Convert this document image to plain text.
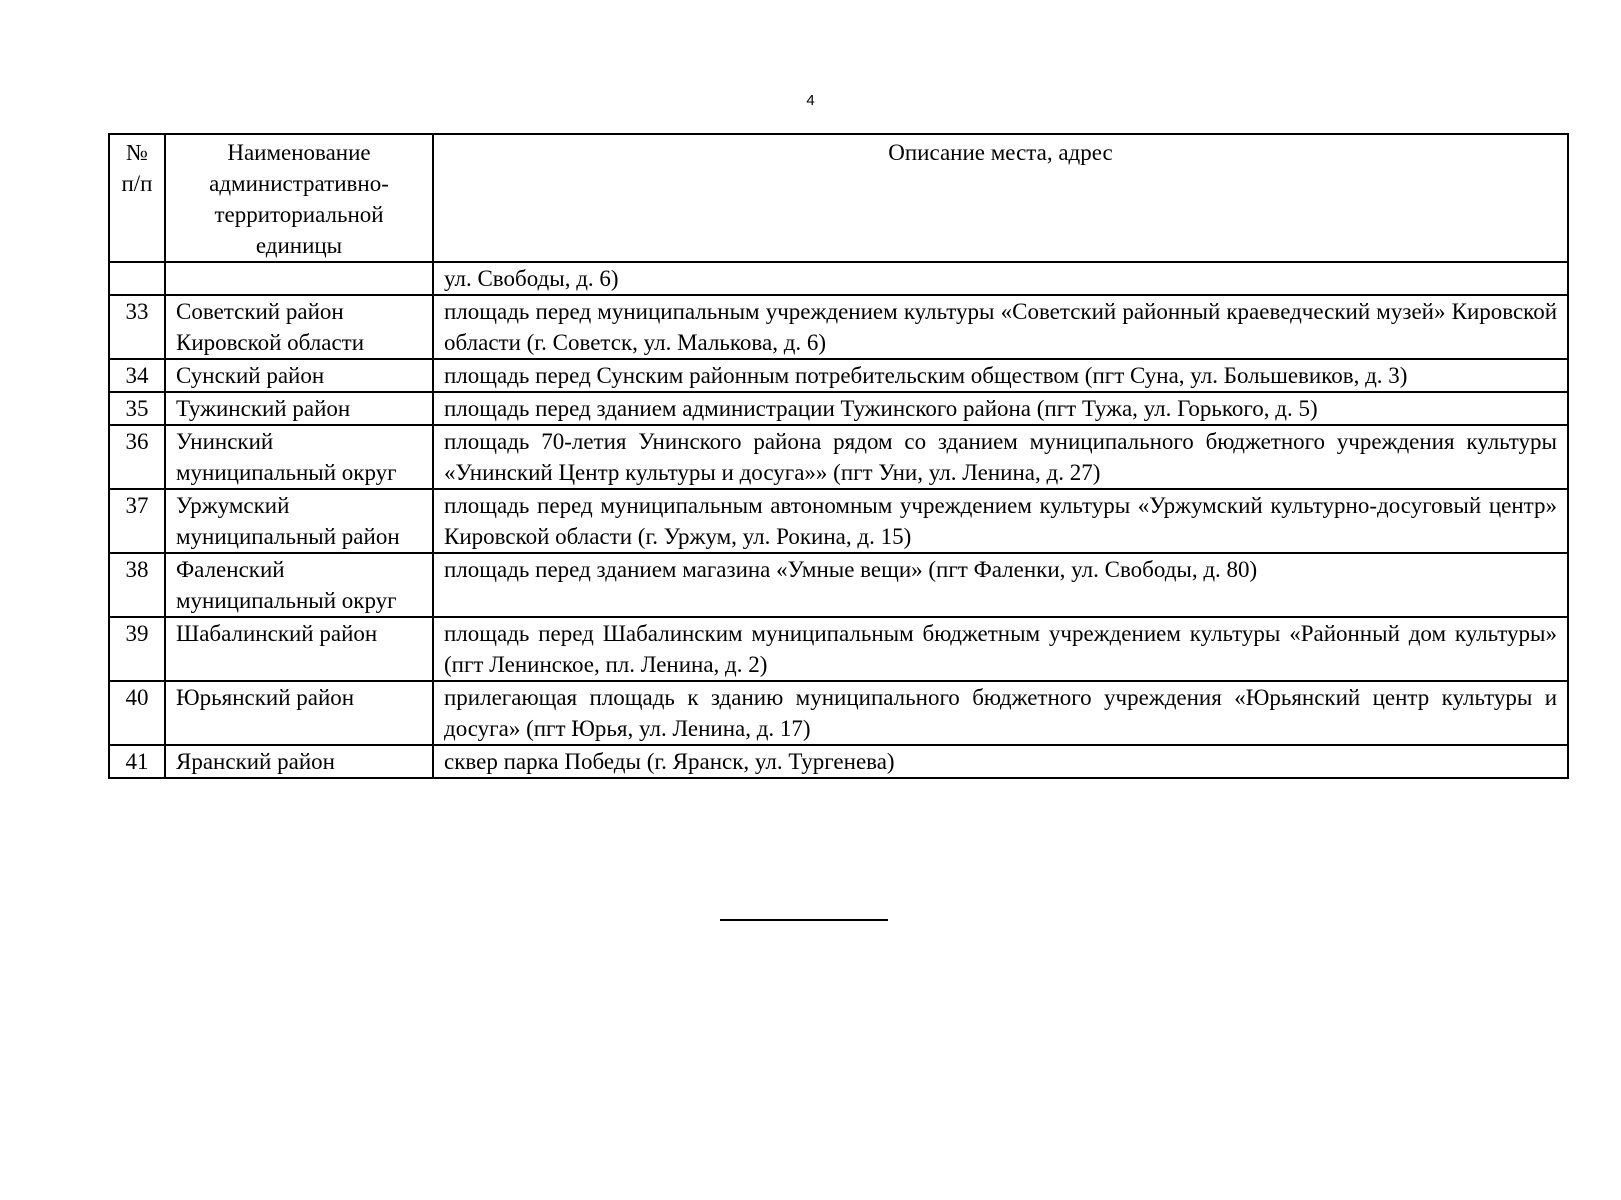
4
№ п/п	Наименование административно-территориальной единицы	Описание места, адрес
		ул. Свободы, д. 6)
33	Советский район Кировской области	площадь перед муниципальным учреждением культуры «Советский районный краеведческий музей» Кировской области (г. Советск, ул. Малькова, д. 6)
34	Сунский район	площадь перед Сунским районным потребительским обществом (пгт Суна, ул. Большевиков, д. 3)
35	Тужинский район	площадь перед зданием администрации Тужинского района (пгт Тужа, ул. Горького, д. 5)
36	Унинский муниципальный округ	площадь 70-летия Унинского района рядом со зданием муниципального бюджетного учреждения культуры «Унинский Центр культуры и досуга»» (пгт Уни, ул. Ленина, д. 27)
37	Уржумский муниципальный район	площадь перед муниципальным автономным учреждением культуры «Уржумский культурно-досуговый центр» Кировской области (г. Уржум, ул. Рокина, д. 15)
38	Фаленский муниципальный округ	площадь перед зданием магазина «Умные вещи» (пгт Фаленки, ул. Свободы, д. 80)
39	Шабалинский район	площадь перед Шабалинским муниципальным бюджетным учреждением культуры «Районный дом культуры» (пгт Ленинское, пл. Ленина, д. 2)
40	Юрьянский район	прилегающая площадь к зданию муниципального бюджетного учреждения «Юрьянский центр культуры и досуга» (пгт Юрья, ул. Ленина, д. 17)
41	Яранский район	сквер парка Победы (г. Яранск, ул. Тургенева)
